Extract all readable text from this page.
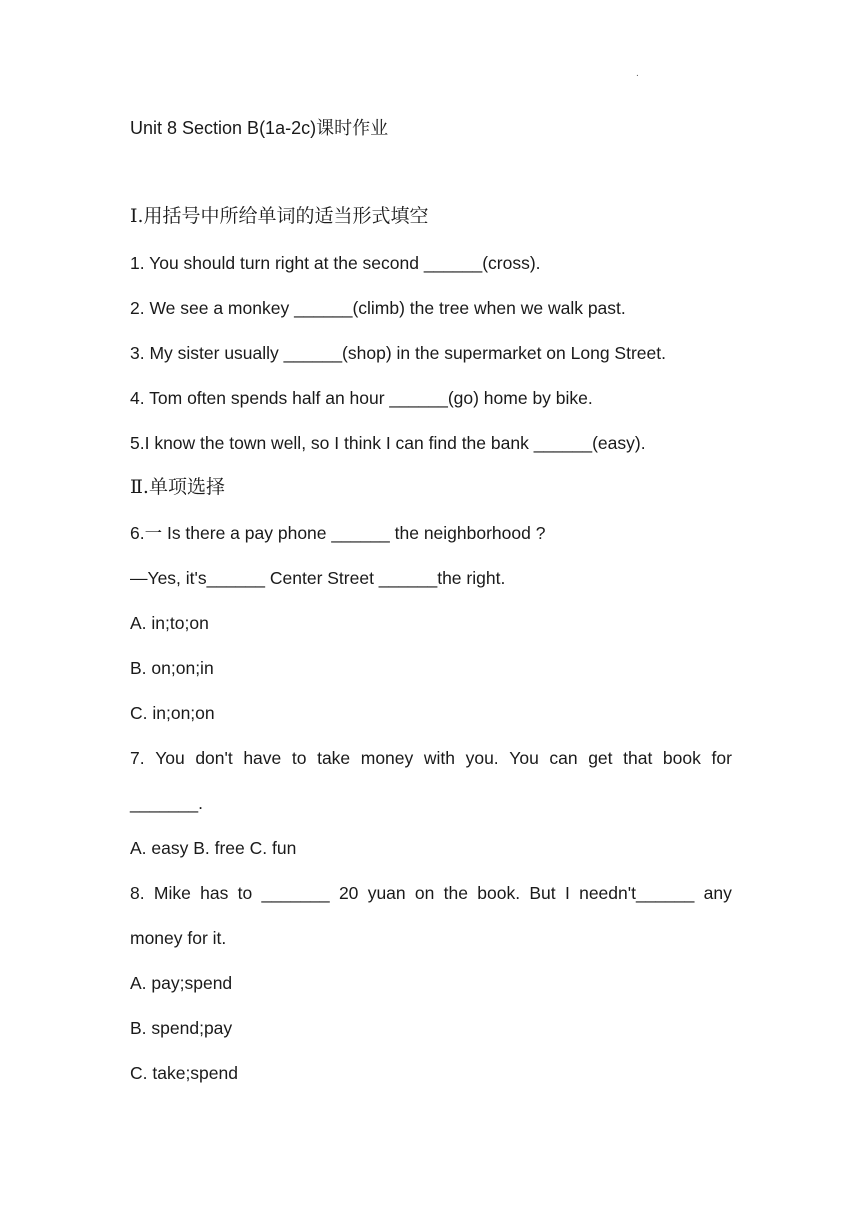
.
Unit 8 Section B(1a-2c)课时作业
Ⅰ.用括号中所给单词的适当形式填空
1. You should turn right at the second ______(cross).
2. We see a monkey ______(climb) the tree when we walk past.
3. My sister usually ______(shop) in the supermarket on Long Street.
4. Tom often spends half an hour ______(go) home by bike.
5.I know the town well, so I think I can find the bank ______(easy).
Ⅱ.单项选择
6.一 Is there a pay phone ______ the neighborhood ?
—Yes, it's______ Center Street ______the right.
A. in;to;on
B. on;on;in
C. in;on;on
7. You don't have to take money with you. You can get that book for
_______.
A. easy B. free C. fun
8. Mike has to _______ 20 yuan on the book. But I needn't______ any
money for it.
A. pay;spend
B. spend;pay
C. take;spend
